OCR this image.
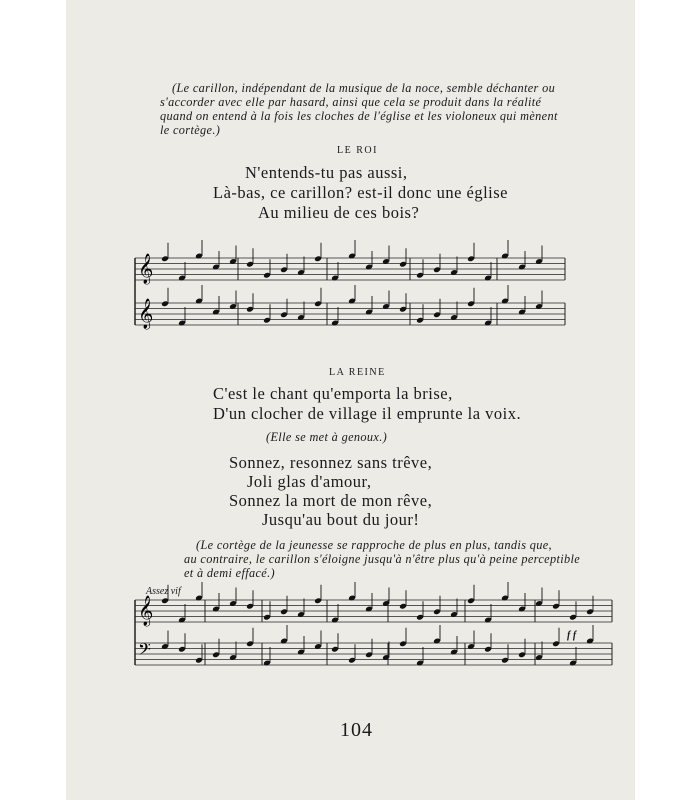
(Le carillon, indépendant de la musique de la noce, semble déchanter ou
s'accorder avec elle par hasard, ainsi que cela se produit dans la réalité
quand on entend à la fois les cloches de l'église et les violoneux qui mènent
le cortège.)
LE ROI
N'entends-tu pas aussi,
Là-bas, ce carillon? est-il donc une église
Au milieu de ces bois?
LA REINE
C'est le chant qu'emporta la brise,
D'un clocher de village il emprunte la voix.
(Elle se met à genoux.)
Sonnez, resonnez sans trêve,
Joli glas d'amour,
Sonnez la mort de mon rêve,
Jusqu'au bout du jour!
(Le cortège de la jeunesse se rapproche de plus en plus, tandis que,
au contraire, le carillon s'éloigne jusqu'à n'être plus qu'à peine perceptible
et à demi effacé.)
Assez vif
f f
𝄞
𝄞
𝄞
𝄢
104
